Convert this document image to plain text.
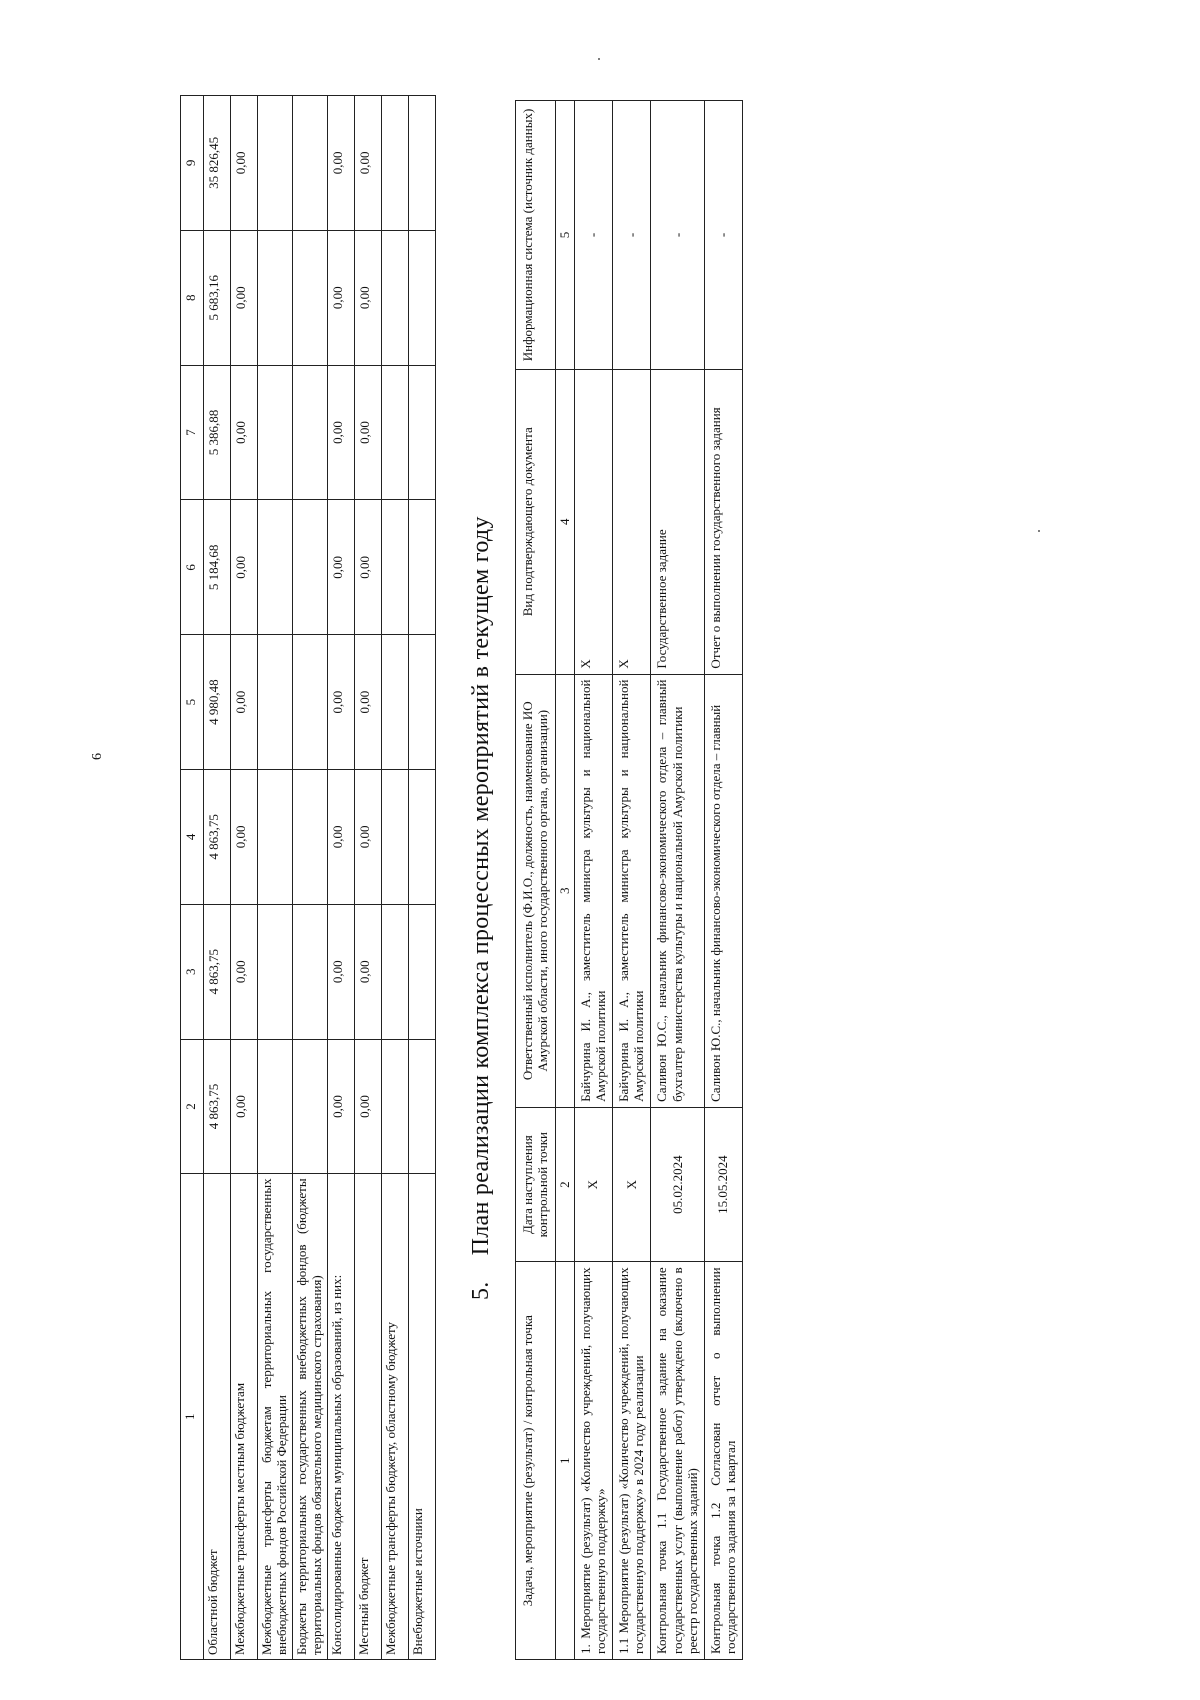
6
1	2	3	4	5	6	7	8	9
Областной бюджет	4 863,75	4 863,75	4 863,75	4 980,48	5 184,68	5 386,88	5 683,16	35 826,45
Межбюджетные трансферты местным бюджетам	0,00	0,00	0,00	0,00	0,00	0,00	0,00	0,00
Межбюджетные трансферты бюджетам территориальных государственных внебюджетных фондов Российской Федерации								
Бюджеты территориальных государственных внебюджетных фондов (бюджеты территориальных фондов обязательного медицинского страхования)								
Консолидированные бюджеты муниципальных образований, из них:	0,00	0,00	0,00	0,00	0,00	0,00	0,00	0,00
Местный бюджет	0,00	0,00	0,00	0,00	0,00	0,00	0,00	0,00
Межбюджетные трансферты бюджету, областному бюджету								
Внебюджетные источники								
5.План реализации комплекса процессных мероприятий в текущем году
Задача, мероприятие (результат) / контрольная точка	Дата наступления контрольной точки	Ответственный исполнитель (Ф.И.О., должность, наименование ИО Амурской области, иного государственного органа, организации)	Вид подтверждающего документа	Информационная система (источник данных)
1	2	3	4	5
1. Мероприятие (результат) «Количество учреждений, получающих государственную поддержку»	X	Байчурина И. А., заместитель министра культуры и национальной Амурской политики	X	-
1.1 Мероприятие (результат) «Количество учреждений, получающих государственную поддержку» в 2024 году реализации	X	Байчурина И. А., заместитель министра культуры и национальной Амурской политики	X	-
Контрольная точка 1.1 Государственное задание на оказание государственных услуг (выполнение работ) утверждено (включено в реестр государственных заданий)	05.02.2024	Саливон Ю.С., начальник финансово-экономического отдела – главный бухгалтер министерства культуры и национальной Амурской политики	Государственное задание	-
Контрольная точка 1.2 Согласован отчет о выполнении государственного задания за 1 квартал	15.05.2024	Саливон Ю.С., начальник финансово-экономического отдела – главный	Отчет о выполнении государственного задания	-
